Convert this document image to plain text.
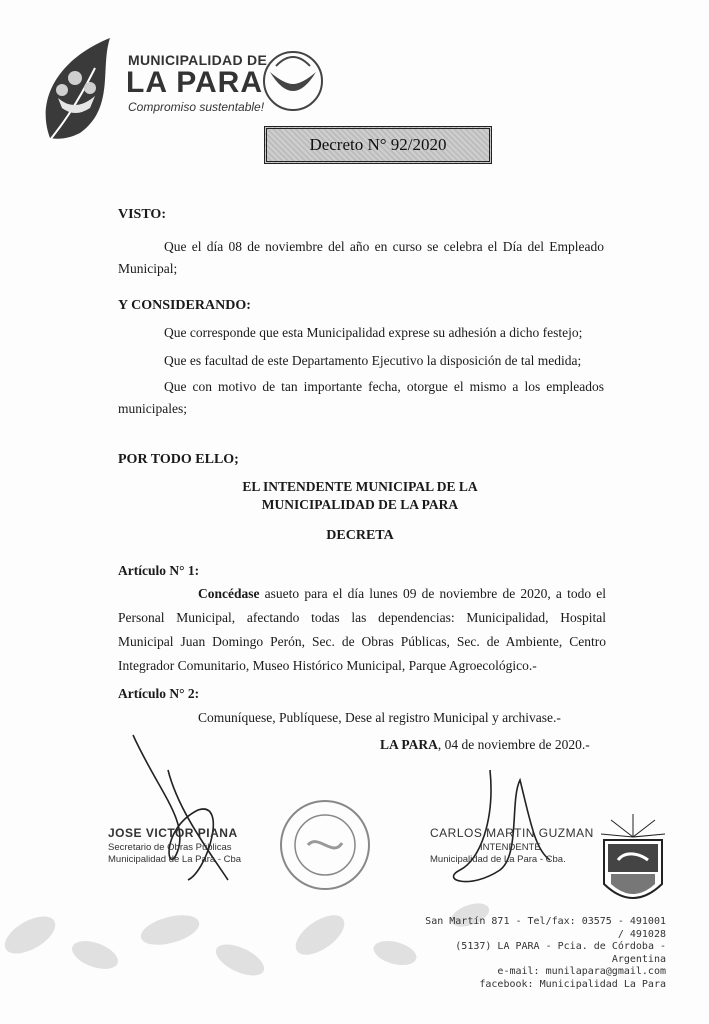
MUNICIPALIDAD DE
LA PARA
Compromiso sustentable!
Decreto N° 92/2020
VISTO:
Que el día 08 de noviembre del año en curso se celebra el Día del Empleado Municipal;
Y CONSIDERANDO:
Que corresponde que esta Municipalidad exprese su adhesión a dicho festejo;
Que es facultad de este Departamento Ejecutivo la disposición de tal medida;
Que con motivo de tan importante fecha, otorgue el mismo a los empleados municipales;
POR TODO ELLO;
EL INTENDENTE MUNICIPAL DE LA
MUNICIPALIDAD DE LA PARA
DECRETA
Artículo N° 1:
Concédase asueto para el día lunes 09 de noviembre de 2020, a todo el Personal Municipal, afectando todas las dependencias: Municipalidad, Hospital Municipal Juan Domingo Perón, Sec. de Obras Públicas, Sec. de Ambiente, Centro Integrador Comunitario, Museo Histórico Municipal, Parque Agroecológico.-
Artículo N° 2:
Comuníquese, Publíquese, Dese al registro Municipal y archivase.-
LA PARA, 04 de noviembre de 2020.-
JOSE VICTOR PIANA
Secretario de Obras Públicas
Municipalidad de La Para - Cba
CARLOS MARTIN GUZMAN
INTENDENTE
Municipalidad de La Para - Cba.
San Martín 871 - Tel/fax: 03575 - 491001 / 491028
(5137) LA PARA - Pcia. de Córdoba - Argentina
e-mail: munilapara@gmail.com
facebook: Municipalidad La Para
